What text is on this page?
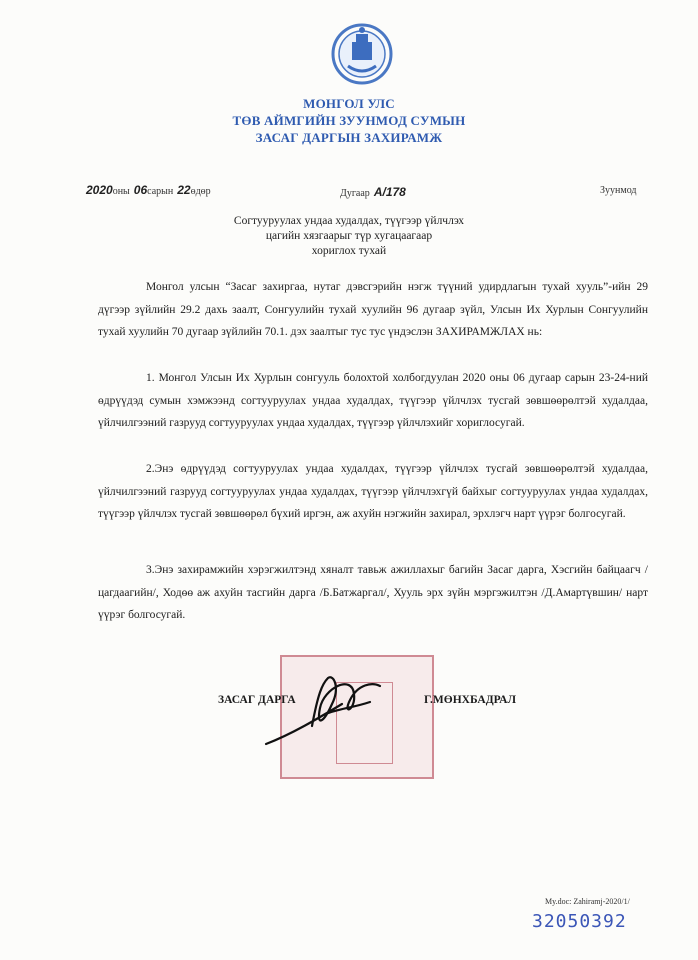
МОНГОЛ УЛС
ТӨВ АЙМГИЙН ЗУУНМОД СУМЫН
ЗАСАГ ДАРГЫН ЗАХИРАМЖ
2020оны 06сарын 22өдөр	Дугаар А/178	Зуунмод
Согтууруулах ундаа худалдах, түүгээр үйлчлэх
цагийн хязгаарыг түр хугацаагаар
хориглох тухай
Монгол улсын “Засаг захиргаа, нутаг дэвсгэрийн нэгж түүний удирдлагын тухай хууль”-ийн 29 дүгээр зүйлийн 29.2 дахь заалт, Сонгуулийн тухай хуулийн 96 дугаар зүйл, Улсын Их Хурлын Сонгуулийн тухай хуулийн 70 дугаар зүйлийн 70.1. дэх заалтыг тус тус үндэслэн ЗАХИРАМЖЛАХ нь:
1. Монгол Улсын Их Хурлын сонгууль болохтой холбогдуулан 2020 оны 06 дугаар сарын 23-24-ний өдрүүдэд сумын хэмжээнд согтууруулах ундаа худалдах, түүгээр үйлчлэх тусгай зөвшөөрөлтэй худалдаа, үйлчилгээний газрууд согтууруулах ундаа худалдах, түүгээр үйлчлэхийг хориглосугай.
2.Энэ өдрүүдэд согтууруулах ундаа худалдах, түүгээр үйлчлэх тусгай зөвшөөрөлтэй худалдаа, үйлчилгээний газрууд согтууруулах ундаа худалдах, түүгээр үйлчлэхгүй байхыг согтууруулах ундаа худалдах, түүгээр үйлчлэх тусгай зөвшөөрөл бүхий иргэн, аж ахуйн нэгжийн захирал, эрхлэгч нарт үүрэг болгосугай.
3.Энэ захирамжийн хэрэгжилтэнд хяналт тавьж ажиллахыг багийн Засаг дарга, Хэсгийн байцаагч /цагдаагийн/, Ходөө аж ахуйн тасгийн дарга /Б.Батжаргал/, Хууль эрх зүйн мэргэжилтэн /Д.Амартүвшин/ нарт үүрэг болгосугай.
ЗАСАГ ДАРГА	Г.МӨНХБАДРАЛ
My.doc: Zahiramj-2020/1/
32050392
